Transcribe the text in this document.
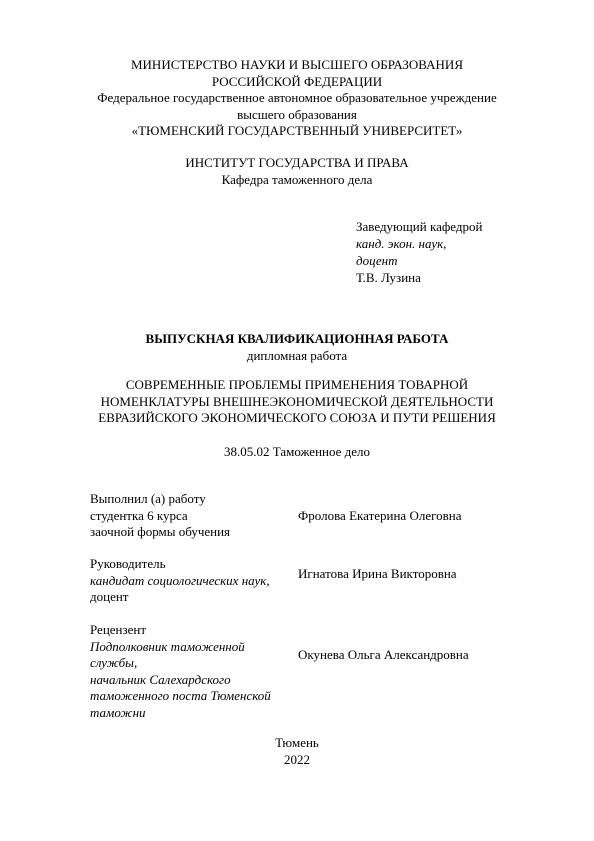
МИНИСТЕРСТВО НАУКИ И ВЫСШЕГО ОБРАЗОВАНИЯ
РОССИЙСКОЙ ФЕДЕРАЦИИ
Федеральное государственное автономное образовательное учреждение
высшего образования
«ТЮМЕНСКИЙ ГОСУДАРСТВЕННЫЙ УНИВЕРСИТЕТ»
ИНСТИТУТ ГОСУДАРСТВА И ПРАВА
Кафедра таможенного дела
Заведующий кафедрой
канд. экон. наук,
доцент
Т.В. Лузина
ВЫПУСКНАЯ КВАЛИФИКАЦИОННАЯ РАБОТА
дипломная работа
СОВРЕМЕННЫЕ ПРОБЛЕМЫ ПРИМЕНЕНИЯ ТОВАРНОЙ
НОМЕНКЛАТУРЫ ВНЕШНЕЭКОНОМИЧЕСКОЙ ДЕЯТЕЛЬНОСТИ
ЕВРАЗИЙСКОГО ЭКОНОМИЧЕСКОГО СОЮЗА И ПУТИ РЕШЕНИЯ
38.05.02 Таможенное дело
Выполнил (а) работу
студентка 6 курса
заочной формы обучения
Фролова Екатерина Олеговна
Руководитель
кандидат социологических наук,
доцент
Игнатова Ирина Викторовна
Рецензент
Подполковник таможенной
службы,
начальник Салехардского
таможенного поста Тюменской
таможни
Окунева Ольга Александровна
Тюмень
2022
